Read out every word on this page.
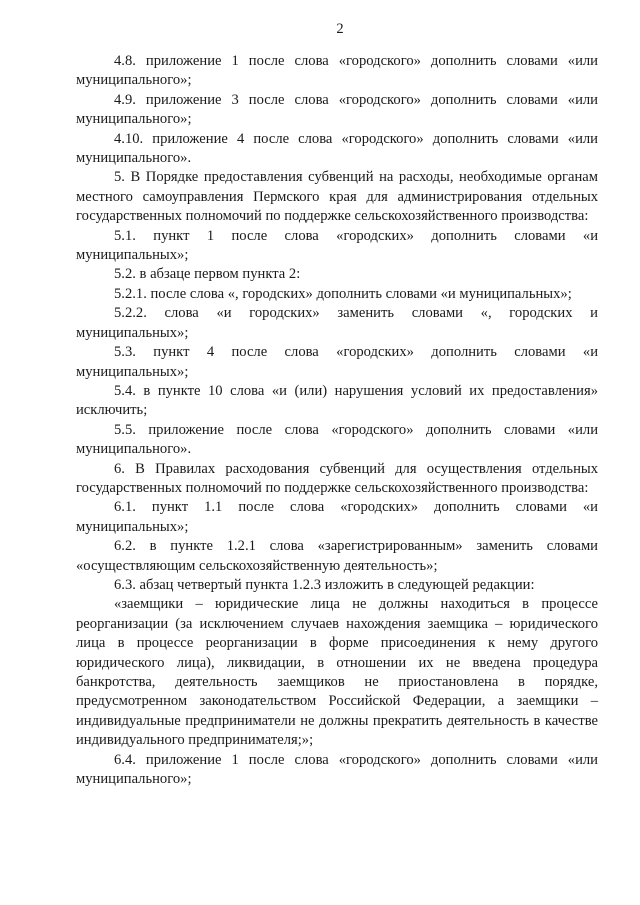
2

4.8. приложение 1 после слова «городского» дополнить словами «или муниципального»;

4.9. приложение 3 после слова «городского» дополнить словами «или муниципального»;

4.10. приложение 4 после слова «городского» дополнить словами «или муниципального».

5. В Порядке предоставления субвенций на расходы, необходимые органам местного самоуправления Пермского края для администрирования отдельных государственных полномочий по поддержке сельскохозяйственного производства:

5.1. пункт 1 после слова «городских» дополнить словами «и муниципальных»;

5.2. в абзаце первом пункта 2:

5.2.1. после слова «, городских» дополнить словами «и муниципальных»;

5.2.2. слова «и городских» заменить словами «, городских и муниципальных»;

5.3. пункт 4 после слова «городских» дополнить словами «и муниципальных»;

5.4. в пункте 10 слова «и (или) нарушения условий их предоставления» исключить;

5.5. приложение после слова «городского» дополнить словами «или муниципального».

6. В Правилах расходования субвенций для осуществления отдельных государственных полномочий по поддержке сельскохозяйственного производства:

6.1. пункт 1.1 после слова «городских» дополнить словами «и муниципальных»;

6.2. в пункте 1.2.1 слова «зарегистрированным» заменить словами «осуществляющим сельскохозяйственную деятельность»;

6.3. абзац четвертый пункта 1.2.3 изложить в следующей редакции:

«заемщики – юридические лица не должны находиться в процессе реорганизации (за исключением случаев нахождения заемщика – юридического лица в процессе реорганизации в форме присоединения к нему другого юридического лица), ликвидации, в отношении их не введена процедура банкротства, деятельность заемщиков не приостановлена в порядке, предусмотренном законодательством Российской Федерации, а заемщики – индивидуальные предприниматели не должны прекратить деятельность в качестве индивидуального предпринимателя;»;

6.4. приложение 1 после слова «городского» дополнить словами «или муниципального»;
